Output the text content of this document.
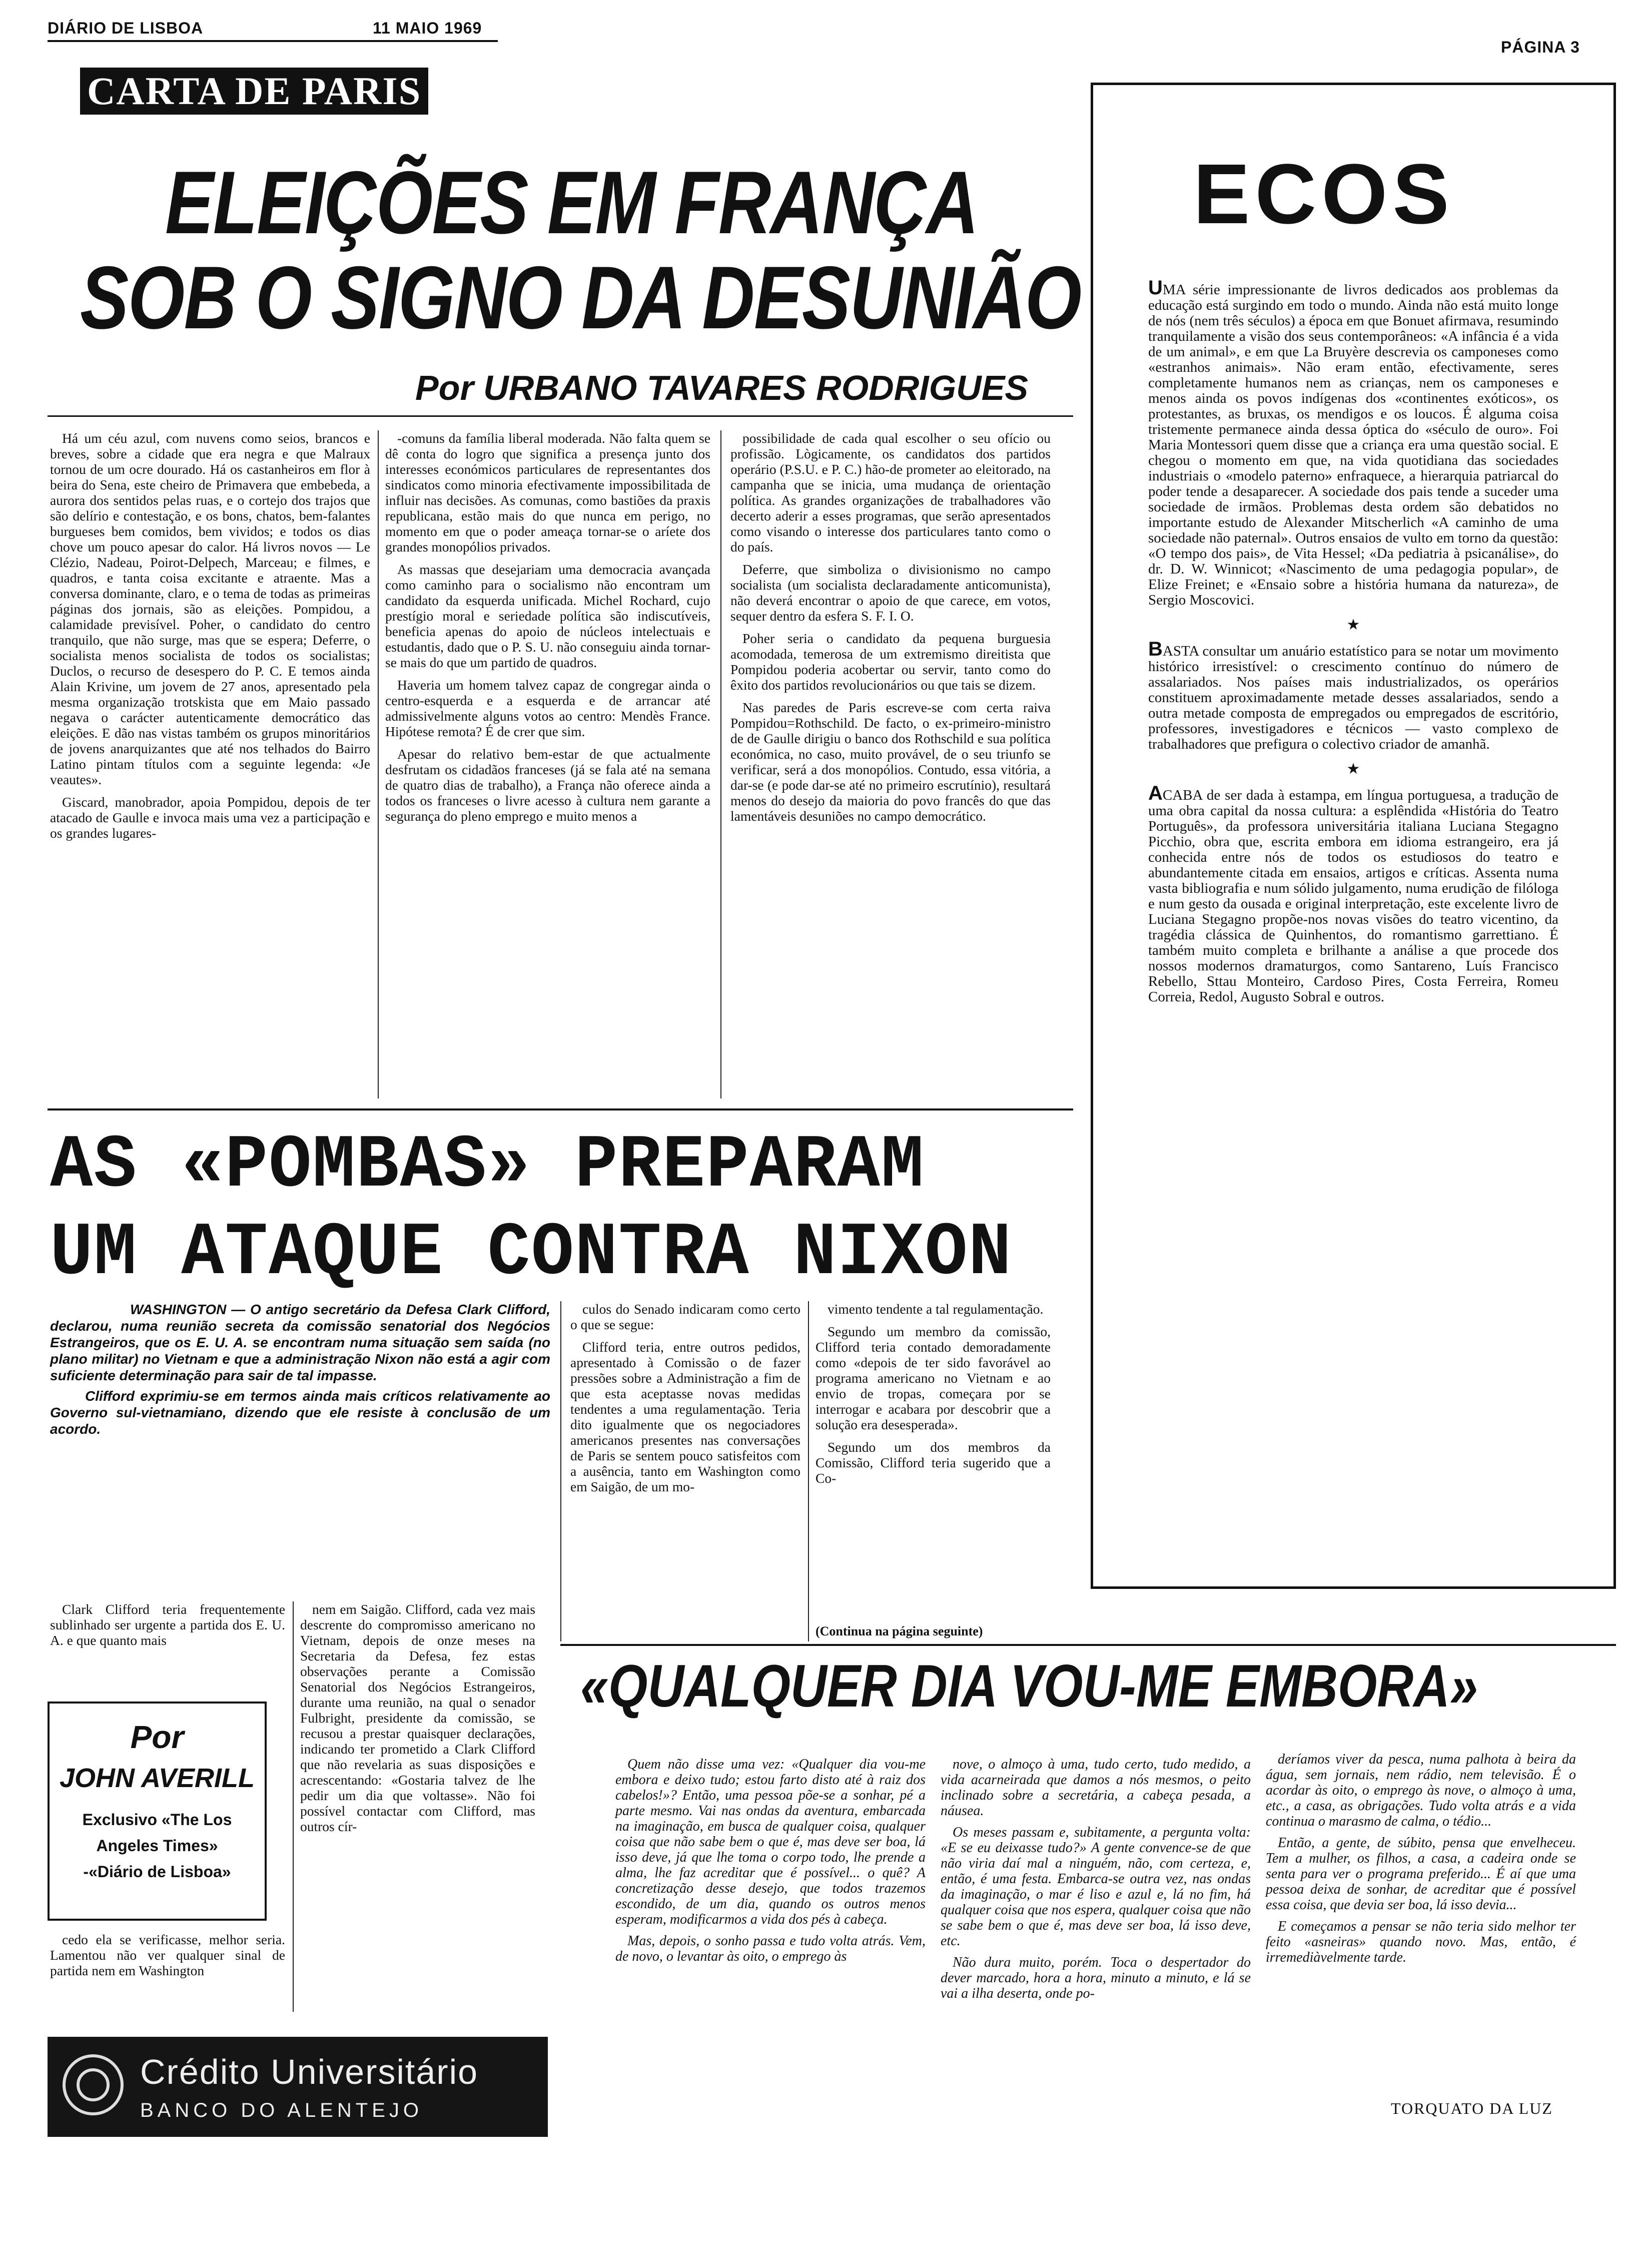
DIÁRIO DE LISBOA	11 MAIO 1969
PÁGINA 3
CARTA DE PARIS
ELEIÇÕES EM FRANÇA
SOB O SIGNO DA DESUNIÃO
Por URBANO TAVARES RODRIGUES

Há um céu azul, com nuvens como seios, brancos e breves, sobre a cidade que era negra e que Malraux tornou de um ocre dourado. Há os castanheiros em flor à beira do Sena, este cheiro de Primavera que embebeda, a aurora dos sentidos pelas ruas, e o cortejo dos trajos que são delírio e contestação, e os bons, chatos, bem-falantes burgueses bem comidos, bem vividos; e todos os dias chove um pouco apesar do calor. Há livros novos — Le Clézio, Nadeau, Poirot-Delpech, Marceau; e filmes, e quadros, e tanta coisa excitante e atraente. Mas a conversa dominante, claro, e o tema de todas as primeiras páginas dos jornais, são as eleições. Pompidou, a calamidade previsível. Poher, o candidato do centro tranquilo, que não surge, mas que se espera; Deferre, o socialista menos socialista de todos os socialistas; Duclos, o recurso de desespero do P. C. E temos ainda Alain Krivine, um jovem de 27 anos, apresentado pela mesma organização trotskista que em Maio passado negava o carácter autenticamente democrático das eleições. E dão nas vistas também os grupos minoritários de jovens anarquizantes que até nos telhados do Bairro Latino pintam títulos com a seguinte legenda: «Je veautes».

Giscard, manobrador, apoia Pompidou, depois de ter atacado de Gaulle e invoca mais uma vez a participação e os grandes lugares-

-comuns da família liberal moderada. Não falta quem se dê conta do logro que significa a presença junto dos interesses económicos particulares de representantes dos sindicatos como minoria efectivamente impossibilitada de influir nas decisões. As comunas, como bastiões da praxis republicana, estão mais do que nunca em perigo, no momento em que o poder ameaça tornar-se o aríete dos grandes monopólios privados.

As massas que desejariam uma democracia avançada como caminho para o socialismo não encontram um candidato da esquerda unificada. Michel Rochard, cujo prestígio moral e seriedade política são indiscutíveis, beneficia apenas do apoio de núcleos intelectuais e estudantis, dado que o P. S. U. não conseguiu ainda tornar-se mais do que um partido de quadros.

Haveria um homem talvez capaz de congregar ainda o centro-esquerda e a esquerda e de arrancar até admissivelmente alguns votos ao centro: Mendès France. Hipótese remota? É de crer que sim.

Apesar do relativo bem-estar de que actualmente desfrutam os cidadãos franceses (já se fala até na semana de quatro dias de trabalho), a França não oferece ainda a todos os franceses o livre acesso à cultura nem garante a segurança do pleno emprego e muito menos a

possibilidade de cada qual escolher o seu ofício ou profissão. Lògicamente, os candidatos dos partidos operário (P.S.U. e P. C.) hão-de prometer ao eleitorado, na campanha que se inicia, uma mudança de orientação política. As grandes organizações de trabalhadores vão decerto aderir a esses programas, que serão apresentados como visando o interesse dos particulares tanto como o do país.

Deferre, que simboliza o divisionismo no campo socialista (um socialista declaradamente anticomunista), não deverá encontrar o apoio de que carece, em votos, sequer dentro da esfera S. F. I. O.

Poher seria o candidato da pequena burguesia acomodada, temerosa de um extremismo direitista que Pompidou poderia acobertar ou servir, tanto como do êxito dos partidos revolucionários ou que tais se dizem.

Nas paredes de Paris escreve-se com certa raiva Pompidou=Rothschild. De facto, o ex-primeiro-ministro de de Gaulle dirigiu o banco dos Rothschild e sua política económica, no caso, muito provável, de o seu triunfo se verificar, será a dos monopólios. Contudo, essa vitória, a dar-se (e pode dar-se até no primeiro escrutínio), resultará menos do desejo da maioria do povo francês do que das lamentáveis desuniões no campo democrático.

AS «POMBAS» PREPARAM
UM ATAQUE CONTRA NIXON

WASHINGTON — O antigo secretário da Defesa Clark Clifford, declarou, numa reunião secreta da comissão senatorial dos Negócios Estrangeiros, que os E. U. A. se encontram numa situação sem saída (no plano militar) no Vietnam e que a administração Nixon não está a agir com suficiente determinação para sair de tal impasse.

Clifford exprimiu-se em termos ainda mais críticos relativamente ao Governo sul-vietnamiano, dizendo que ele resiste à conclusão de um acordo.

Clark Clifford teria frequentemente sublinhado ser urgente a partida dos E. U. A. e que quanto mais

Por
JOHN AVERILL
Exclusivo «The Los Angeles Times» -«Diário de Lisboa»

cedo ela se verificasse, melhor seria. Lamentou não ver qualquer sinal de partida nem em Washington

nem em Saigão. Clifford, cada vez mais descrente do compromisso americano no Vietnam, depois de onze meses na Secretaria da Defesa, fez estas observações perante a Comissão Senatorial dos Negócios Estrangeiros, durante uma reunião, na qual o senador Fulbright, presidente da comissão, se recusou a prestar quaisquer declarações, indicando ter prometido a Clark Clifford que não revelaria as suas disposições e acrescentando: «Gostaria talvez de lhe pedir um dia que voltasse». Não foi possível contactar com Clifford, mas outros cír-

culos do Senado indicaram como certo o que se segue:

Clifford teria, entre outros pedidos, apresentado à Comissão o de fazer pressões sobre a Administração a fim de que esta aceptasse novas medidas tendentes a uma regulamentação. Teria dito igualmente que os negociadores americanos presentes nas conversações de Paris se sentem pouco satisfeitos com a ausência, tanto em Washington como em Saigão, de um mo-

vimento tendente a tal regulamentação.

Segundo um membro da comissão, Clifford teria contado demoradamente como «depois de ter sido favorável ao programa americano no Vietnam e ao envio de tropas, começara por se interrogar e acabara por descobrir que a solução era desesperada».

Segundo um dos membros da Comissão, Clifford teria sugerido que a Co-

(Continua na página seguinte)
Crédito Universitário
BANCO DO ALENTEJO
ECOS

UMA série impressionante de livros dedicados aos problemas da educação está surgindo em todo o mundo. Ainda não está muito longe de nós (nem três séculos) a época em que Bonuet afirmava, resumindo tranquilamente a visão dos seus contemporâneos: «A infância é a vida de um animal», e em que La Bruyère descrevia os camponeses como «estranhos animais». Não eram então, efectivamente, seres completamente humanos nem as crianças, nem os camponeses e menos ainda os povos indígenas dos «continentes exóticos», os protestantes, as bruxas, os mendigos e os loucos. É alguma coisa tristemente permanece ainda dessa óptica do «século de ouro». Foi Maria Montessori quem disse que a criança era uma questão social. E chegou o momento em que, na vida quotidiana das sociedades industriais o «modelo paterno» enfraquece, a hierarquia patriarcal do poder tende a desaparecer. A sociedade dos pais tende a suceder uma sociedade de irmãos. Problemas desta ordem são debatidos no importante estudo de Alexander Mitscherlich «A caminho de uma sociedade não paternal». Outros ensaios de vulto em torno da questão: «O tempo dos pais», de Vita Hessel; «Da pediatria à psicanálise», do dr. D. W. Winnicot; «Nascimento de uma pedagogia popular», de Elize Freinet; e «Ensaio sobre a história humana da natureza», de Sergio Moscovici.

★

BASTA consultar um anuário estatístico para se notar um movimento histórico irresistível: o crescimento contínuo do número de assalariados. Nos países mais industrializados, os operários constituem aproximadamente metade desses assalariados, sendo a outra metade composta de empregados ou empregados de escritório, professores, investigadores e técnicos — vasto complexo de trabalhadores que prefigura o colectivo criador de amanhã.

★

ACABA de ser dada à estampa, em língua portuguesa, a tradução de uma obra capital da nossa cultura: a esplêndida «História do Teatro Português», da professora universitária italiana Luciana Stegagno Picchio, obra que, escrita embora em idioma estrangeiro, era já conhecida entre nós de todos os estudiosos do teatro e abundantemente citada em ensaios, artigos e críticas. Assenta numa vasta bibliografia e num sólido julgamento, numa erudição de filóloga e num gesto da ousada e original interpretação, este excelente livro de Luciana Stegagno propõe-nos novas visões do teatro vicentino, da tragédia clássica de Quinhentos, do romantismo garrettiano. É também muito completa e brilhante a análise a que procede dos nossos modernos dramaturgos, como Santareno, Luís Francisco Rebello, Sttau Monteiro, Cardoso Pires, Costa Ferreira, Romeu Correia, Redol, Augusto Sobral e outros.

«QUALQUER DIA VOU-ME EMBORA»

Quem não disse uma vez: «Qualquer dia vou-me embora e deixo tudo; estou farto disto até à raiz dos cabelos!»? Então, uma pessoa põe-se a sonhar, pé a parte mesmo. Vai nas ondas da aventura, embarcada na imaginação, em busca de qualquer coisa, qualquer coisa que não sabe bem o que é, mas deve ser boa, lá isso deve, já que lhe toma o corpo todo, lhe prende a alma, lhe faz acreditar que é possível... o quê? A concretização desse desejo, que todos trazemos escondido, de um dia, quando os outros menos esperam, modificarmos a vida dos pés à cabeça.

Mas, depois, o sonho passa e tudo volta atrás. Vem, de novo, o levantar às oito, o emprego às

nove, o almoço à uma, tudo certo, tudo medido, a vida acarneirada que damos a nós mesmos, o peito inclinado sobre a secretária, a cabeça pesada, a náusea.

Os meses passam e, subitamente, a pergunta volta: «E se eu deixasse tudo?» A gente convence-se de que não viria daí mal a ninguém, não, com certeza, e, então, é uma festa. Embarca-se outra vez, nas ondas da imaginação, o mar é liso e azul e, lá no fim, há qualquer coisa que nos espera, qualquer coisa que não se sabe bem o que é, mas deve ser boa, lá isso deve, etc.

Não dura muito, porém. Toca o despertador do dever marcado, hora a hora, minuto a minuto, e lá se vai a ilha deserta, onde po-

deríamos viver da pesca, numa palhota à beira da água, sem jornais, nem rádio, nem televisão. É o acordar às oito, o emprego às nove, o almoço à uma, etc., a casa, as obrigações. Tudo volta atrás e a vida continua o marasmo de calma, o tédio...

Então, a gente, de súbito, pensa que envelheceu. Tem a mulher, os filhos, a casa, a cadeira onde se senta para ver o programa preferido... É aí que uma pessoa deixa de sonhar, de acreditar que é possível essa coisa, que devia ser boa, lá isso devia...

E começamos a pensar se não teria sido melhor ter feito «asneiras» quando novo. Mas, então, é irremediàvelmente tarde.

TORQUATO DA LUZ
